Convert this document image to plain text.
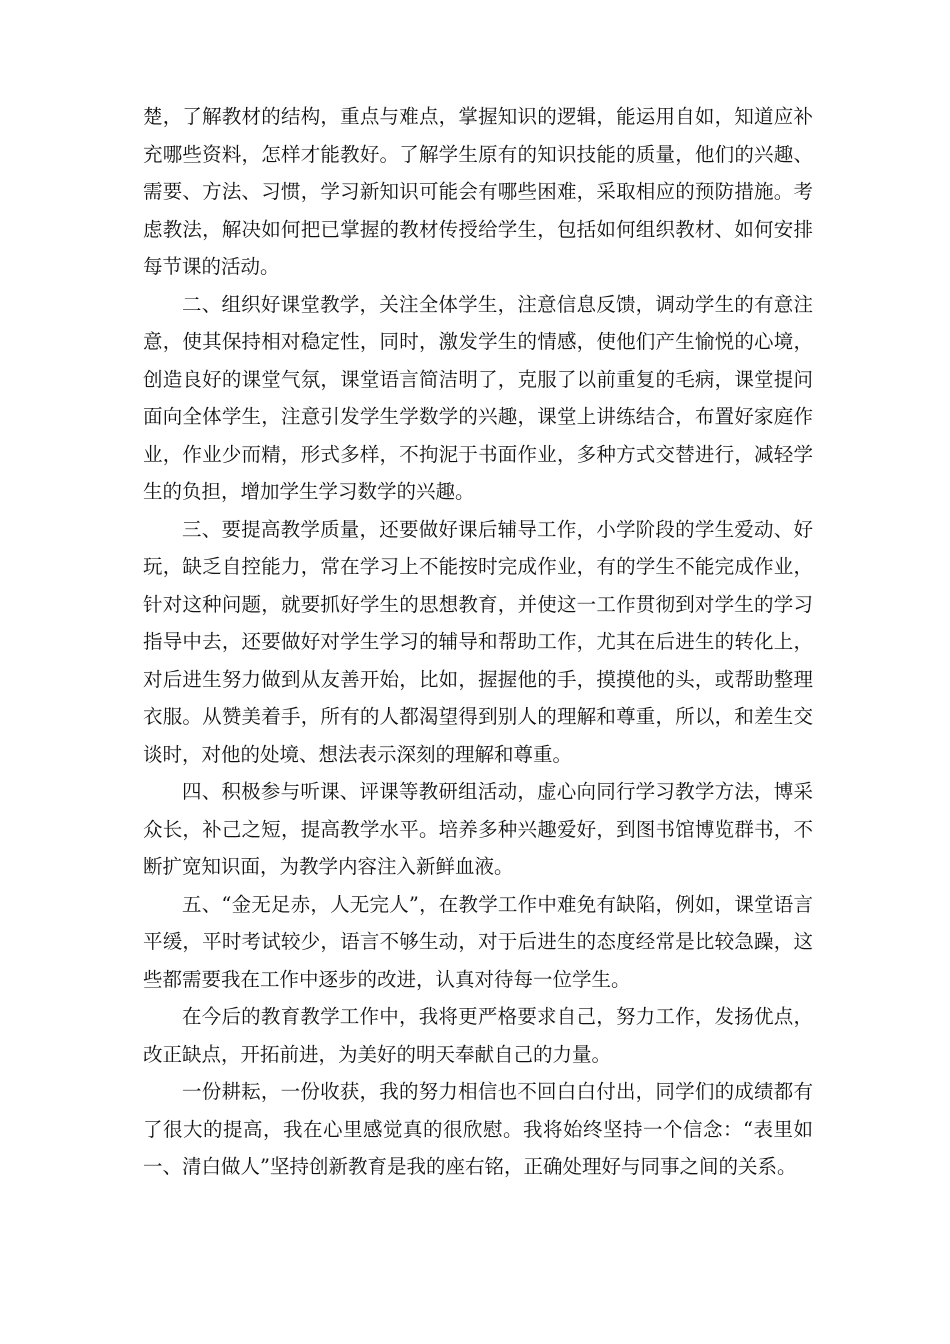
楚，了解教材的结构，重点与难点，掌握知识的逻辑，能运用自如，知道应补充哪些资料，怎样才能教好。了解学生原有的知识技能的质量，他们的兴趣、需要、方法、习惯，学习新知识可能会有哪些困难，采取相应的预防措施。考虑教法，解决如何把已掌握的教材传授给学生，包括如何组织教材、如何安排每节课的活动。

二、组织好课堂教学，关注全体学生，注意信息反馈，调动学生的有意注意，使其保持相对稳定性，同时，激发学生的情感，使他们产生愉悦的心境，创造良好的课堂气氛，课堂语言简洁明了，克服了以前重复的毛病，课堂提问面向全体学生，注意引发学生学数学的兴趣，课堂上讲练结合，布置好家庭作业，作业少而精，形式多样，不拘泥于书面作业，多种方式交替进行，减轻学生的负担，增加学生学习数学的兴趣。

三、要提高教学质量，还要做好课后辅导工作，小学阶段的学生爱动、好玩，缺乏自控能力，常在学习上不能按时完成作业，有的学生不能完成作业，针对这种问题，就要抓好学生的思想教育，并使这一工作贯彻到对学生的学习指导中去，还要做好对学生学习的辅导和帮助工作，尤其在后进生的转化上，对后进生努力做到从友善开始，比如，握握他的手，摸摸他的头，或帮助整理衣服。从赞美着手，所有的人都渴望得到别人的理解和尊重，所以，和差生交谈时，对他的处境、想法表示深刻的理解和尊重。

四、积极参与听课、评课等教研组活动，虚心向同行学习教学方法，博采众长，补己之短，提高教学水平。培养多种兴趣爱好，到图书馆博览群书，不断扩宽知识面，为教学内容注入新鲜血液。

五、“金无足赤，人无完人”，在教学工作中难免有缺陷，例如，课堂语言平缓，平时考试较少，语言不够生动，对于后进生的态度经常是比较急躁，这些都需要我在工作中逐步的改进，认真对待每一位学生。

在今后的教育教学工作中，我将更严格要求自己，努力工作，发扬优点，改正缺点，开拓前进，为美好的明天奉献自己的力量。

一份耕耘，一份收获，我的努力相信也不回白白付出，同学们的成绩都有了很大的提高，我在心里感觉真的很欣慰。我将始终坚持一个信念：“表里如一、清白做人”坚持创新教育是我的座右铭，正确处理好与同事之间的关系。
